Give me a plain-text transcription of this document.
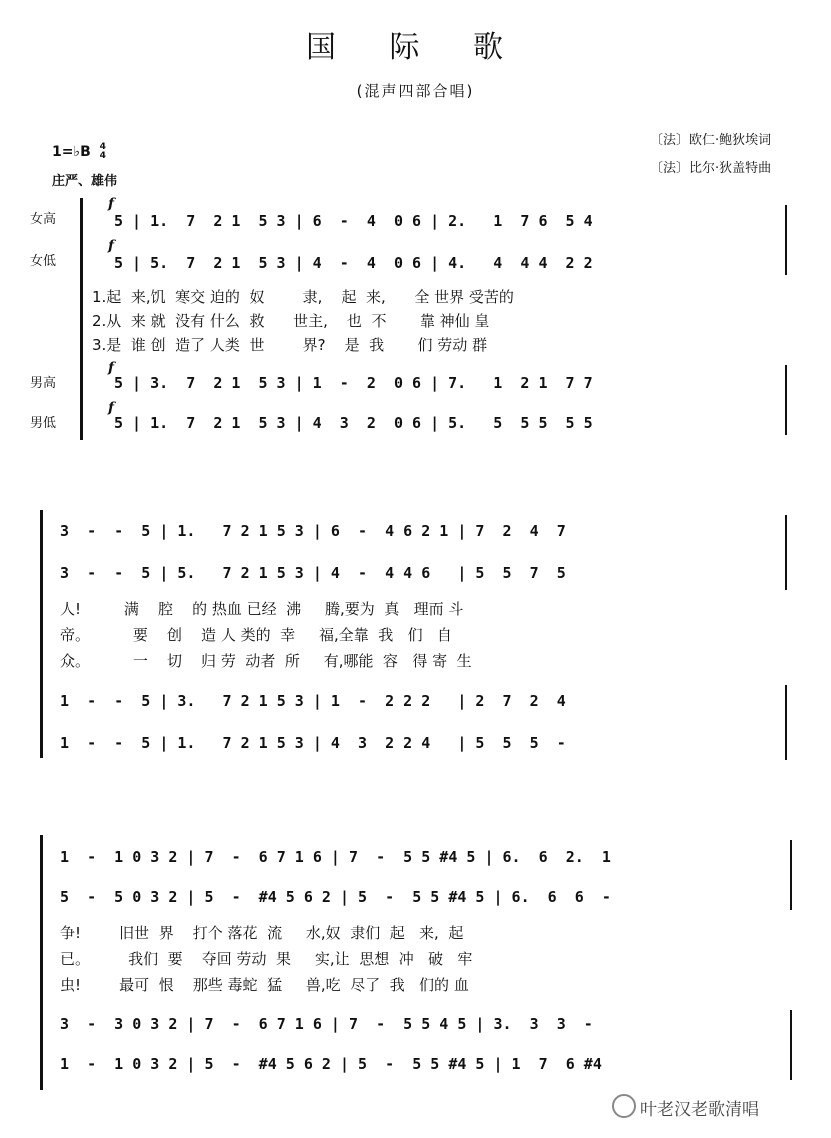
国 际 歌
(混声四部合唱)
〔法〕欧仁·鲍狄埃词
〔法〕比尔·狄盖特曲
1=♭B 4
4
庄严、雄伟
女高
女低
男高
男低
f
f
f
f
5 | 1.  7  2 1  5 3 | 6  -  4  0 6 | 2.   1  7 6  5 4
5 | 5.  7  2 1  5 3 | 4  -  4  0 6 | 4.   4  4 4  2 2
1.起  来,饥  寒交 迫的  奴        隶,    起  来,      全 世界 受苦的
2.从  来 就  没有 什么  救      世主,    也  不       靠 神仙 皇
3.是  谁 创  造了 人类  世        界?    是  我       们 劳动 群
5 | 3.  7  2 1  5 3 | 1  -  2  0 6 | 7.   1  2 1  7 7
5 | 1.  7  2 1  5 3 | 4  3  2  0 6 | 5.   5  5 5  5 5
3  -  -  5 | 1.   7 2 1 5 3 | 6  -  4 6 2 1 | 7  2  4  7
3  -  -  5 | 5.   7 2 1 5 3 | 4  -  4 4 6   | 5  5  7  5
人!         满    腔    的 热血 已经  沸     腾,要为  真   理而 斗
帝。         要    创    造 人 类的  幸     福,全靠  我   们   自
众。         一    切    归 劳  动者  所     有,哪能  容   得 寄  生
1  -  -  5 | 3.   7 2 1 5 3 | 1  -  2 2 2   | 2  7  2  4
1  -  -  5 | 1.   7 2 1 5 3 | 4  3  2 2 4   | 5  5  5  -
1  -  1 0 3 2 | 7  -  6 7 1 6 | 7  -  5 5 #4 5 | 6.  6  2.  1
5  -  5 0 3 2 | 5  -  #4 5 6 2 | 5  -  5 5 #4 5 | 6.  6  6  -
争!        旧世  界    打个 落花  流     水,奴  隶们  起   来,  起
已。        我们  要    夺回 劳动  果     实,让  思想  冲   破   牢
虫!        最可  恨    那些 毒蛇  猛     兽,吃  尽了  我   们的 血
3  -  3 0 3 2 | 7  -  6 7 1 6 | 7  -  5 5 4 5 | 3.  3  3  -
1  -  1 0 3 2 | 5  -  #4 5 6 2 | 5  -  5 5 #4 5 | 1  7  6 #4
叶老汉老歌清唱
